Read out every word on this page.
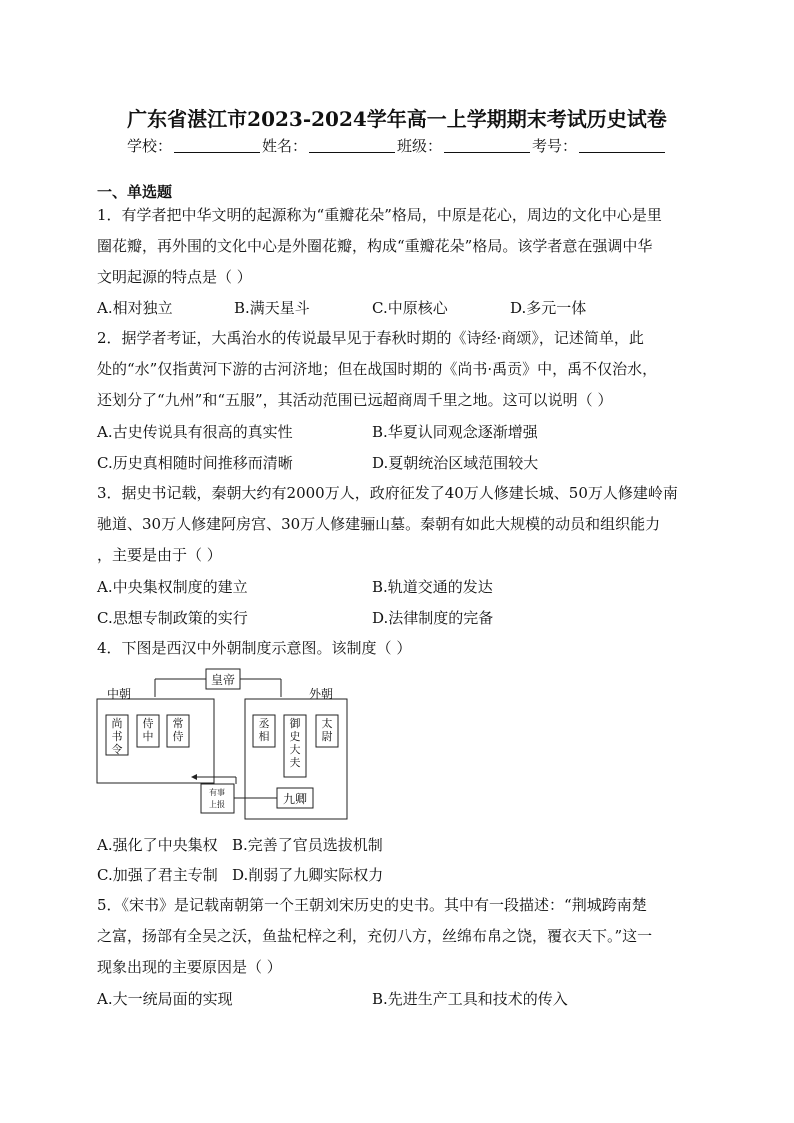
广东省湛江市2023-2024学年高一上学期期末考试历史试卷
学校：	姓名：	班级：	考号：
一、单选题
1．有学者把中华文明的起源称为“重瓣花朵”格局，中原是花心，周边的文化中心是里
圈花瓣，再外围的文化中心是外圈花瓣，构成“重瓣花朵”格局。该学者意在强调中华
文明起源的特点是（ ）
A.相对独立	B.满天星斗	C.中原核心	D.多元一体
2．据学者考证，大禹治水的传说最早见于春秋时期的《诗经·商颂》，记述简单，此
处的“水”仅指黄河下游的古河济地；但在战国时期的《尚书·禹贡》中，禹不仅治水，
还划分了“九州”和“五服”，其活动范围已远超商周千里之地。这可以说明（ ）
A.古史传说具有很高的真实性	B.华夏认同观念逐渐增强
C.历史真相随时间推移而清晰	D.夏朝统治区域范围较大
3．据史书记载，秦朝大约有2000万人，政府征发了40万人修建长城、50万人修建岭南
驰道、30万人修建阿房宫、30万人修建骊山墓。秦朝有如此大规模的动员和组织能力
，主要是由于（ ）
A.中央集权制度的建立	B.轨道交通的发达
C.思想专制政策的实行	D.法律制度的完备
4．下图是西汉中外朝制度示意图。该制度（ ）
皇帝
中朝	外朝
九卿
尚
书
令
侍
中
常
侍
丞
相
御
史
大
夫
太
尉
有事
上报
A.强化了中央集权 B.完善了官员选拔机制
C.加强了君主专制 D.削弱了九卿实际权力
5．《宋书》是记载南朝第一个王朝刘宋历史的史书。其中有一段描述：“荆城跨南楚
之富，扬部有全吴之沃，鱼盐杞梓之利，充仞八方，丝绵布帛之饶，覆衣天下。”这一
现象出现的主要原因是（ ）
A.大一统局面的实现	B.先进生产工具和技术的传入
